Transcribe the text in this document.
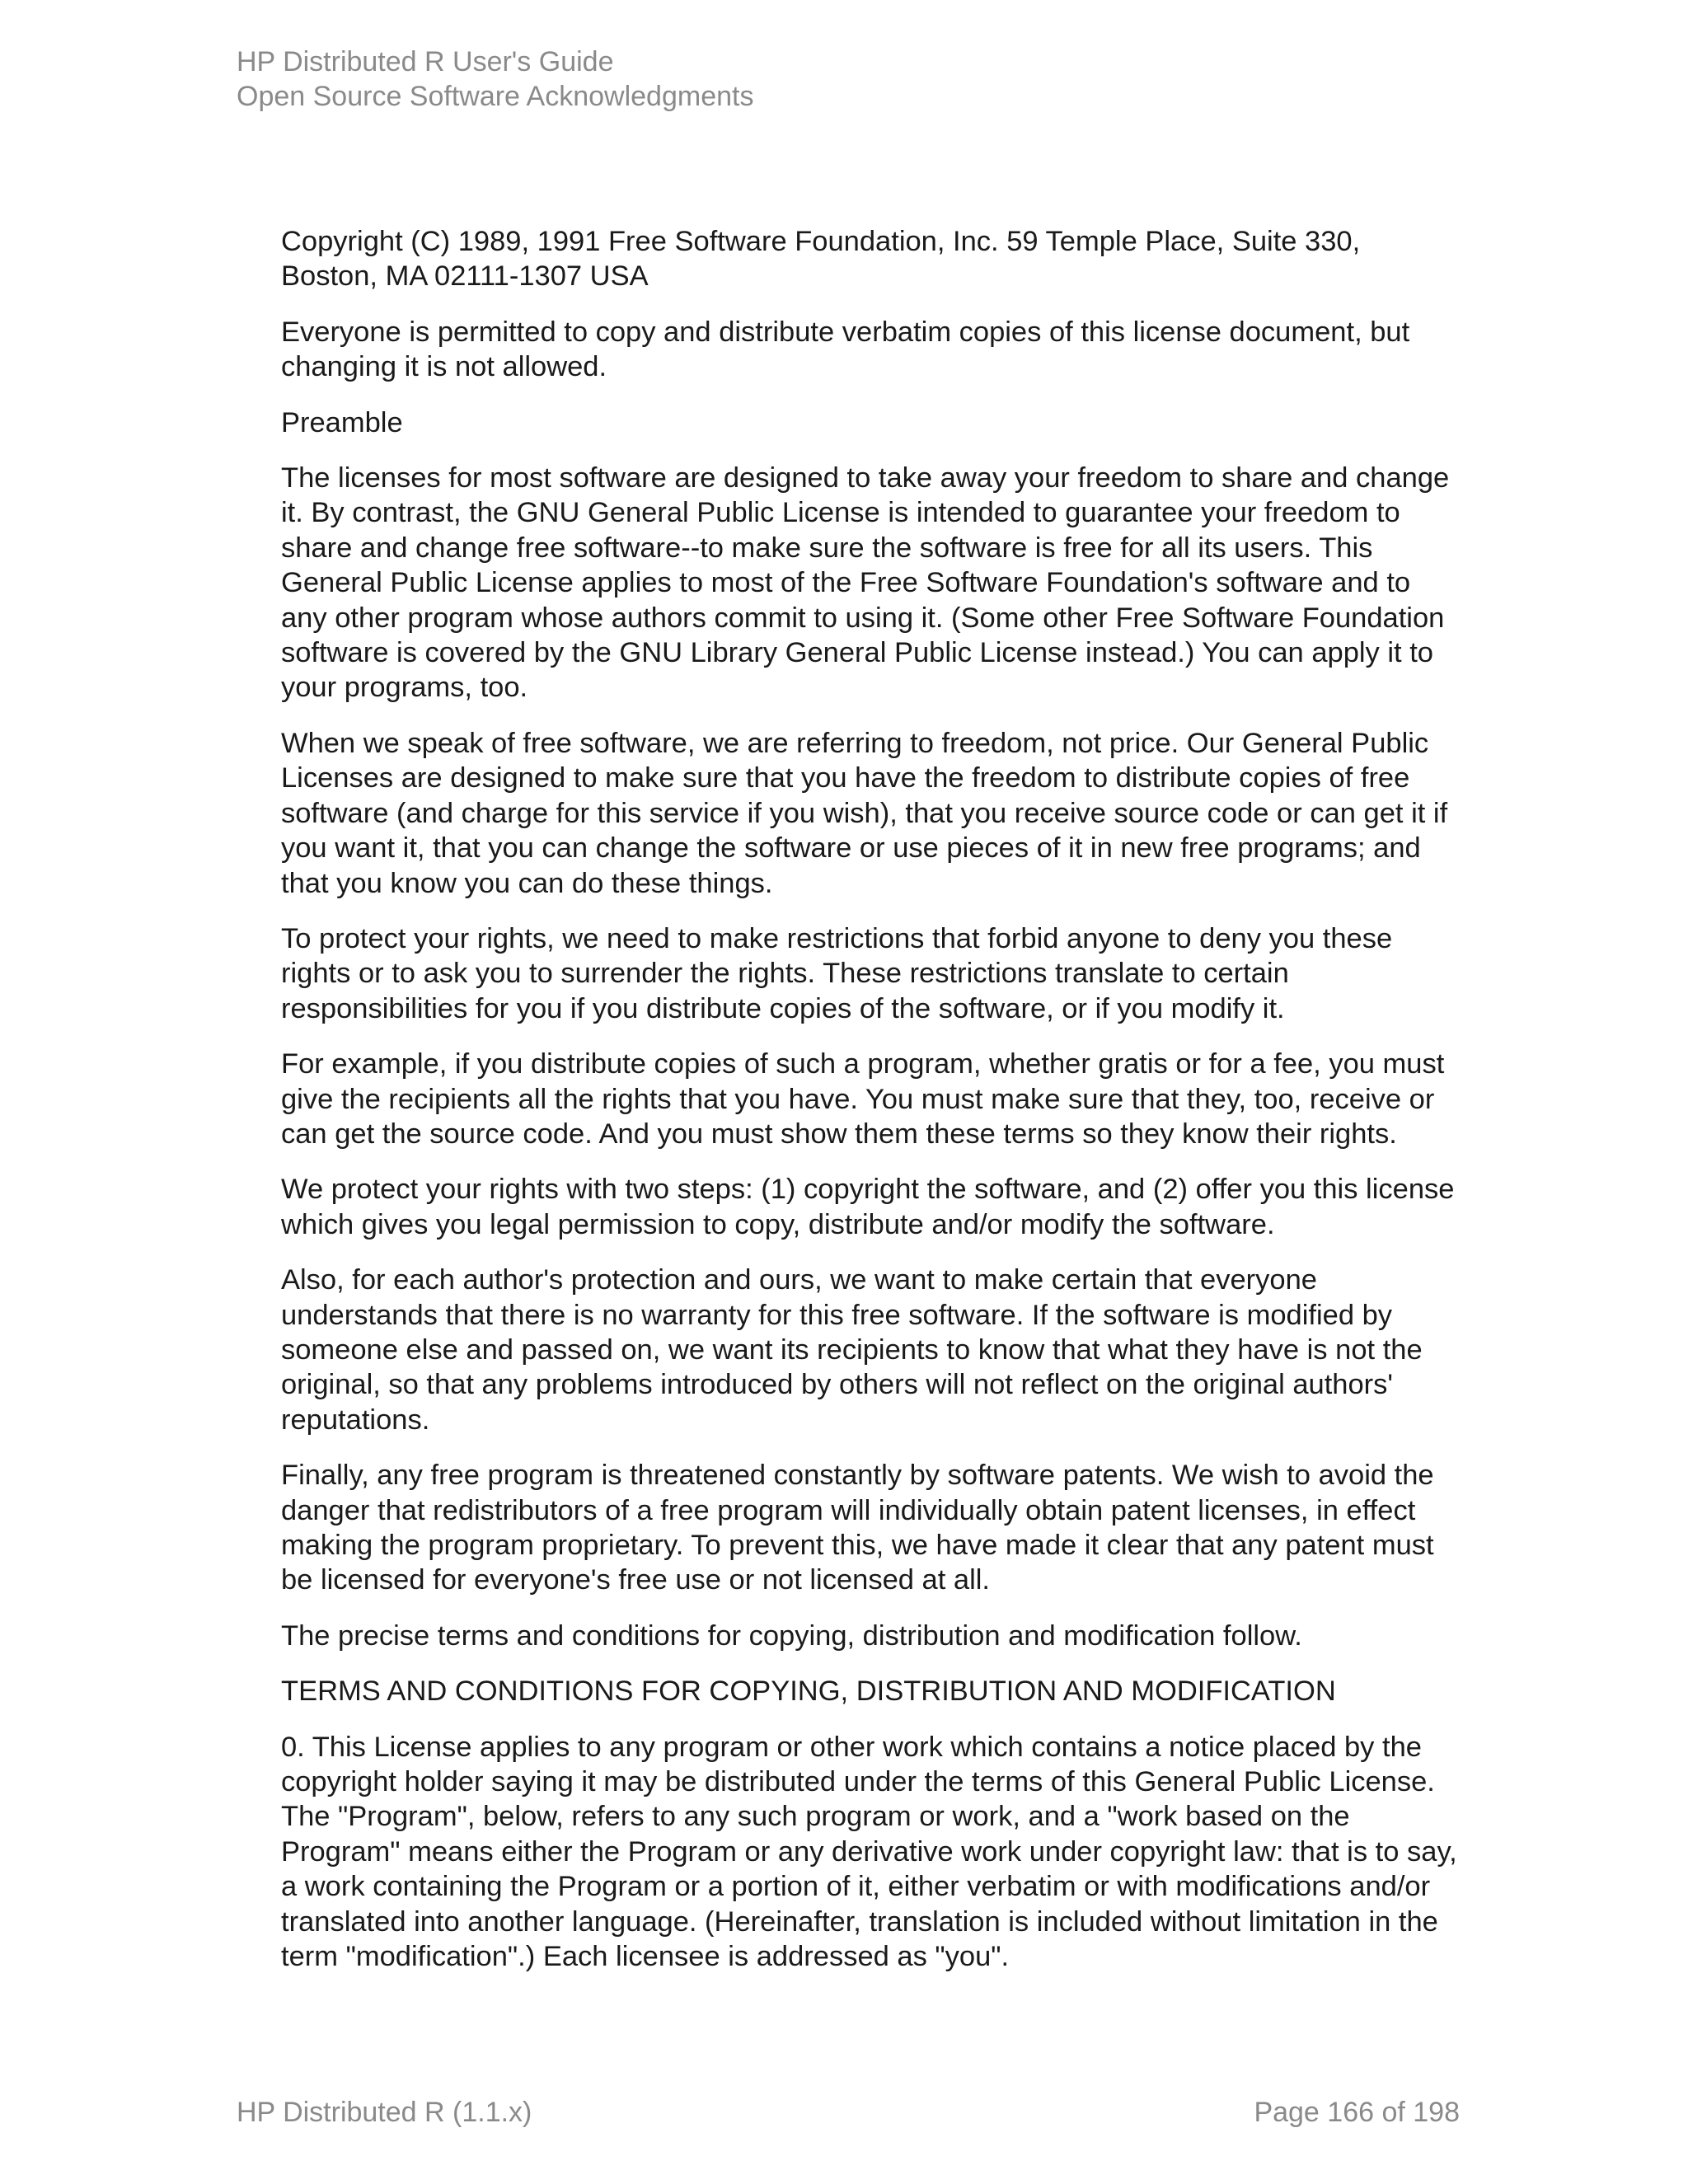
HP Distributed R User's Guide
Open Source Software Acknowledgments

Copyright (C) 1989, 1991 Free Software Foundation, Inc. 59 Temple Place, Suite 330, Boston, MA 02111-1307 USA

Everyone is permitted to copy and distribute verbatim copies of this license document, but changing it is not allowed.

Preamble

The licenses for most software are designed to take away your freedom to share and change it. By contrast, the GNU General Public License is intended to guarantee your freedom to share and change free software--to make sure the software is free for all its users. This General Public License applies to most of the Free Software Foundation's software and to any other program whose authors commit to using it. (Some other Free Software Foundation software is covered by the GNU Library General Public License instead.) You can apply it to your programs, too.

When we speak of free software, we are referring to freedom, not price. Our General Public Licenses are designed to make sure that you have the freedom to distribute copies of free software (and charge for this service if you wish), that you receive source code or can get it if you want it, that you can change the software or use pieces of it in new free programs; and that you know you can do these things.

To protect your rights, we need to make restrictions that forbid anyone to deny you these rights or to ask you to surrender the rights. These restrictions translate to certain responsibilities for you if you distribute copies of the software, or if you modify it.

For example, if you distribute copies of such a program, whether gratis or for a fee, you must give the recipients all the rights that you have. You must make sure that they, too, receive or can get the source code. And you must show them these terms so they know their rights.

We protect your rights with two steps: (1) copyright the software, and (2) offer you this license which gives you legal permission to copy, distribute and/or modify the software.

Also, for each author's protection and ours, we want to make certain that everyone understands that there is no warranty for this free software. If the software is modified by someone else and passed on, we want its recipients to know that what they have is not the original, so that any problems introduced by others will not reflect on the original authors' reputations.

Finally, any free program is threatened constantly by software patents. We wish to avoid the danger that redistributors of a free program will individually obtain patent licenses, in effect making the program proprietary. To prevent this, we have made it clear that any patent must be licensed for everyone's free use or not licensed at all.

The precise terms and conditions for copying, distribution and modification follow.

TERMS AND CONDITIONS FOR COPYING, DISTRIBUTION AND MODIFICATION

0. This License applies to any program or other work which contains a notice placed by the copyright holder saying it may be distributed under the terms of this General Public License. The "Program", below, refers to any such program or work, and a "work based on the Program" means either the Program or any derivative work under copyright law: that is to say, a work containing the Program or a portion of it, either verbatim or with modifications and/or translated into another language. (Hereinafter, translation is included without limitation in the term "modification".) Each licensee is addressed as "you".

HP Distributed R (1.1.x)	Page 166 of 198
